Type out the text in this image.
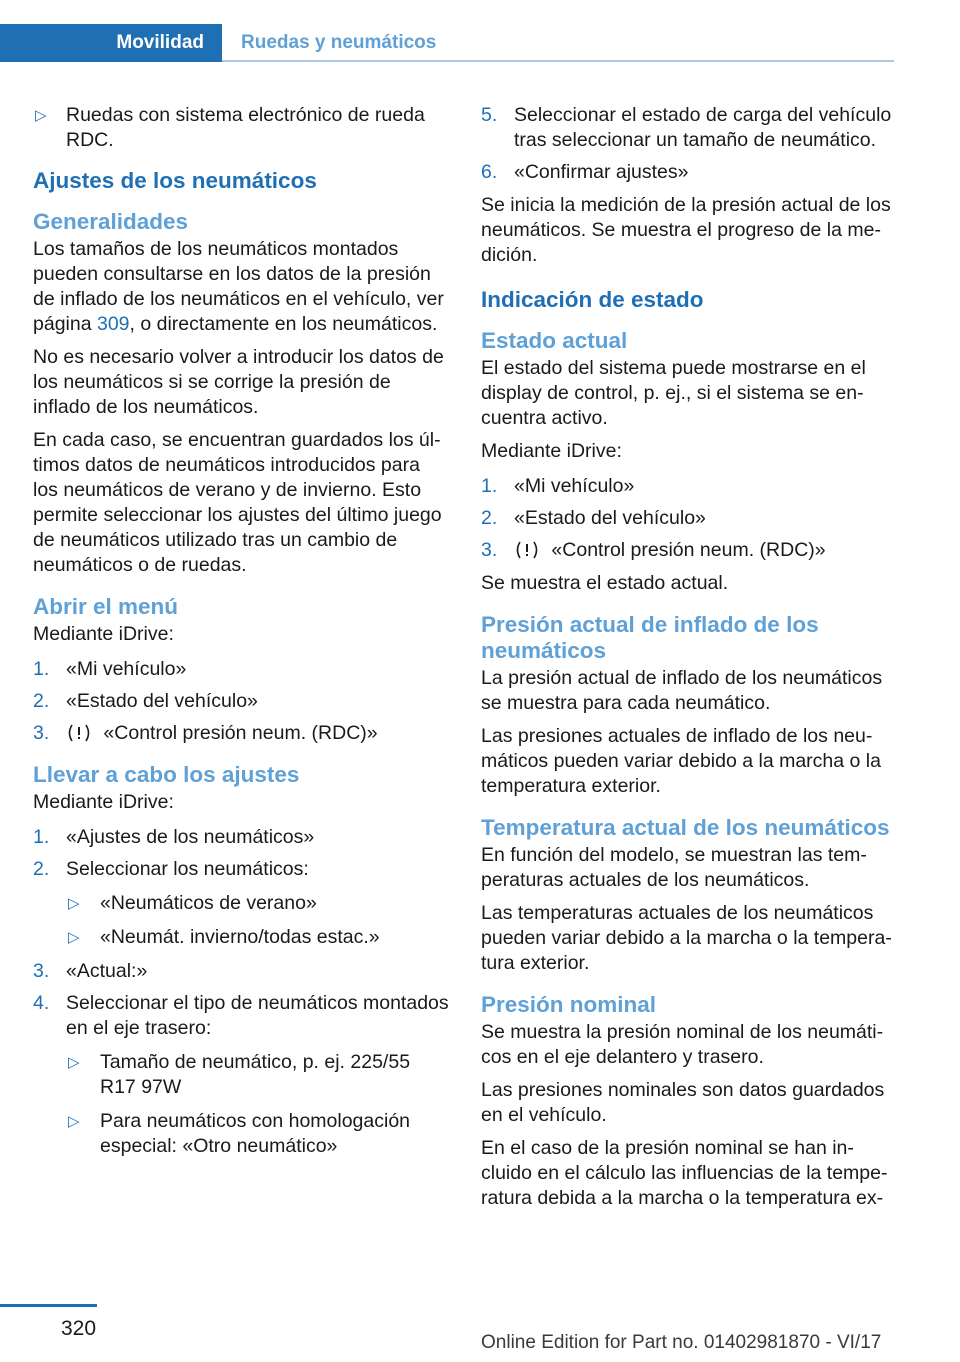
Movilidad	Ruedas y neumáticos
▷ Ruedas con sistema electrónico de rueda RDC.
Ajustes de los neumáticos
Generalidades

Los tamaños de los neumáticos montados pueden consultarse en los datos de la presión de inflado de los neumáticos en el vehículo, ver página 309, o directamente en los neumáticos.

No es necesario volver a introducir los datos de los neumáticos si se corrige la presión de inflado de los neumáticos.

En cada caso, se encuentran guardados los últimos datos de neumáticos introducidos para los neumáticos de verano y de invierno. Esto permite seleccionar los ajustes del último juego de neumáticos utilizado tras un cambio de neumáticos o de ruedas.

Abrir el menú

Mediante iDrive:

1. «Mi vehículo»
2. «Estado del vehículo»
3.	«Control presión neum. (RDC)»
Llevar a cabo los ajustes

Mediante iDrive:

1. «Ajustes de los neumáticos»
2. Seleccionar los neumáticos:
▷ «Neumáticos de verano»
▷ «Neumát. invierno/todas estac.»
3. «Actual:»
4. Seleccionar el tipo de neumáticos montados en el eje trasero:
▷ Tamaño de neumático, p. ej. 225/55 R17 97W
▷ Para neumáticos con homologación especial: «Otro neumático»
5. Seleccionar el estado de carga del vehículo tras seleccionar un tamaño de neumático.
6. «Confirmar ajustes»

Se inicia la medición de la presión actual de los neumáticos. Se muestra el progreso de la medición.

Indicación de estado
Estado actual

El estado del sistema puede mostrarse en el display de control, p. ej., si el sistema se encuentra activo.

Mediante iDrive:

1. «Mi vehículo»
2. «Estado del vehículo»
3.	«Control presión neum. (RDC)»

Se muestra el estado actual.

Presión actual de inflado de los neumáticos

La presión actual de inflado de los neumáticos se muestra para cada neumático.

Las presiones actuales de inflado de los neumáticos pueden variar debido a la marcha o la temperatura exterior.

Temperatura actual de los neumáticos

En función del modelo, se muestran las temperaturas actuales de los neumáticos.

Las temperaturas actuales de los neumáticos pueden variar debido a la marcha o la temperatura exterior.

Presión nominal

Se muestra la presión nominal de los neumáticos en el eje delantero y trasero.

Las presiones nominales son datos guardados en el vehículo.

En el caso de la presión nominal se han incluido en el cálculo las influencias de la temperatura debida a la marcha o la temperatura ex‐

320
Online Edition for Part no. 01402981870 - VI/17
